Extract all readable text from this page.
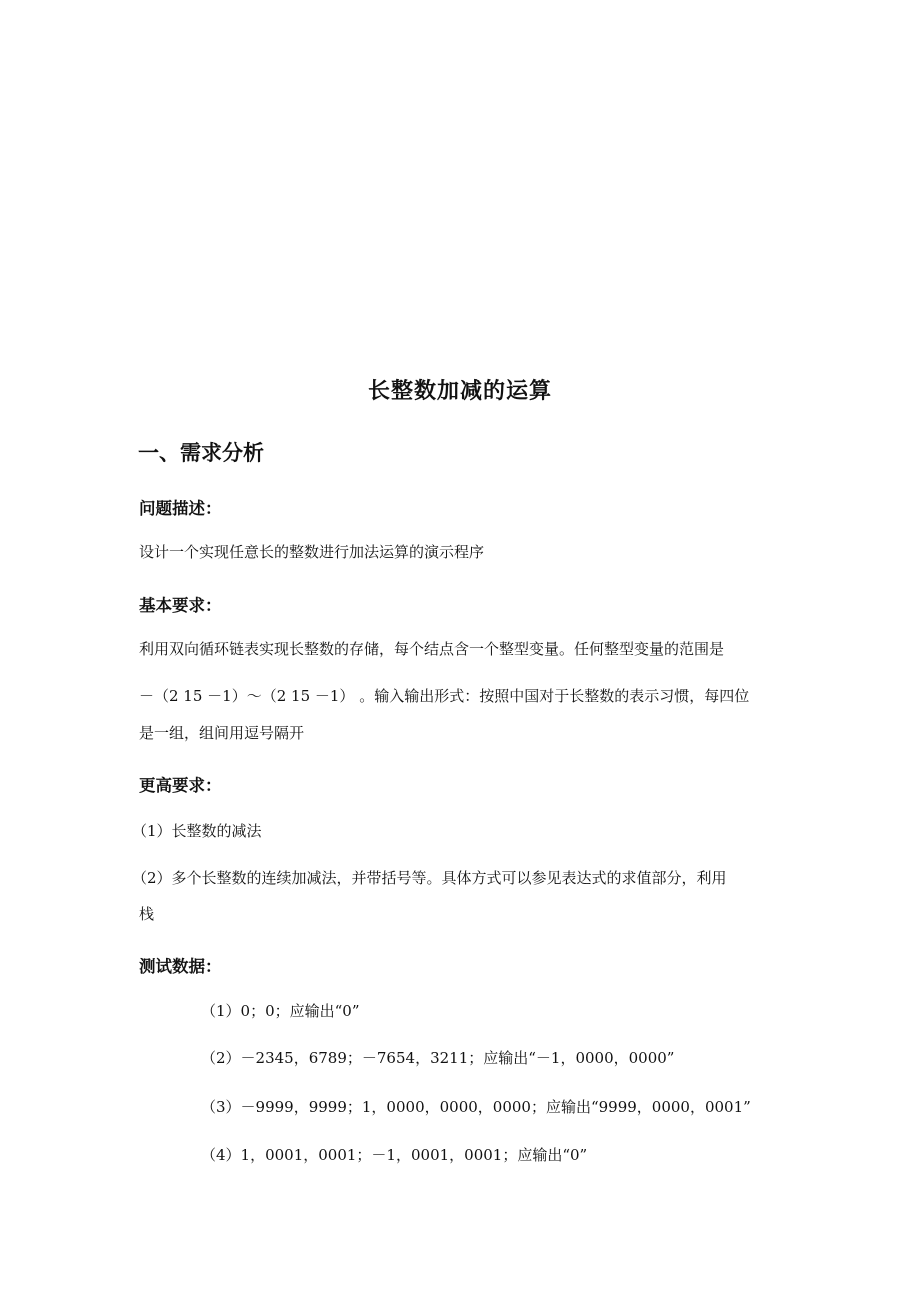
长整数加减的运算
一、需求分析
问题描述：

设计一个实现任意长的整数进行加法运算的演示程序

基本要求：

利用双向循环链表实现长整数的存储，每个结点含一个整型变量。任何整型变量的范围是

－（2 15 －1）～（2 15 －1） 。输入输出形式：按照中国对于长整数的表示习惯，每四位

是一组，组间用逗号隔开

更高要求：

（1）长整数的减法

（2）多个长整数的连续加减法，并带括号等。具体方式可以参见表达式的求值部分，利用

栈

测试数据：

（1）0；0；应输出“0”

（2）－2345，6789；－7654，3211；应输出“－1，0000，0000”

（3）－9999，9999；1，0000，0000，0000；应输出“9999，0000，0001”

（4）1，0001，0001；－1，0001，0001；应输出“0”
